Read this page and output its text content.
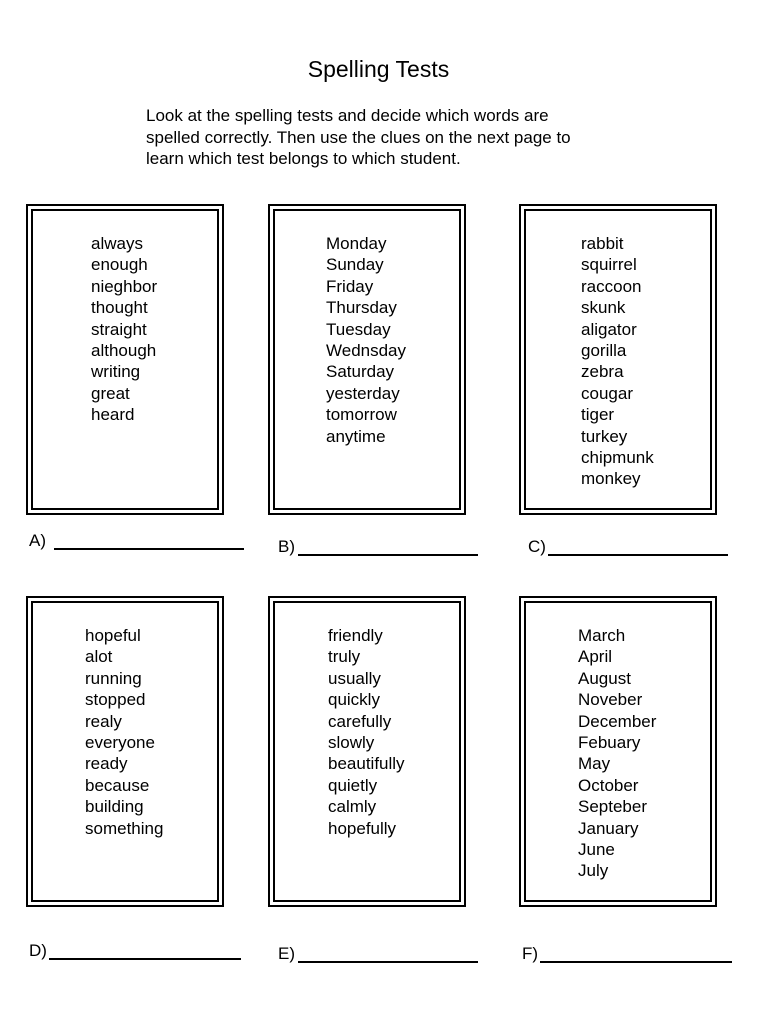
Spelling Tests
Look at the spelling tests and decide which words are
spelled correctly. Then use the clues on the next page to
learn which test belongs to which student.
always
enough
nieghbor
thought
straight
although
writing
great
heard
A)
Monday
Sunday
Friday
Thursday
Tuesday
Wednsday
Saturday
yesterday
tomorrow
anytime
B)
rabbit
squirrel
raccoon
skunk
aligator
gorilla
zebra
cougar
tiger
turkey
chipmunk
monkey
C)
hopeful
alot
running
stopped
realy
everyone
ready
because
building
something
D)
friendly
truly
usually
quickly
carefully
slowly
beautifully
quietly
calmly
hopefully
E)
March
April
August
Noveber
December
Febuary
May
October
Septeber
January
June
July
F)
